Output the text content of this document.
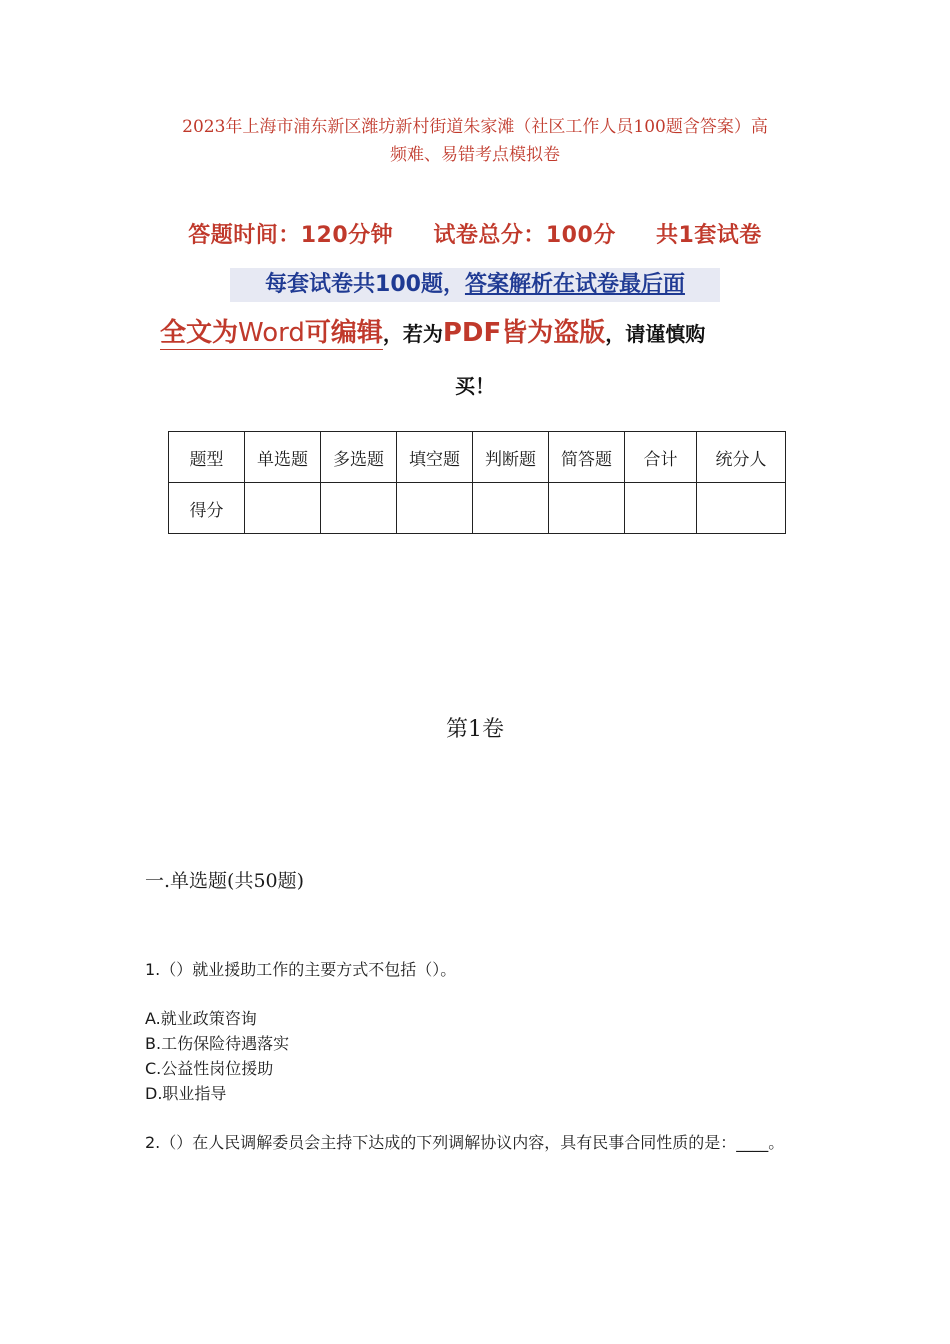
2023年上海市浦东新区潍坊新村街道朱家滩（社区工作人员100题含答案）高
频难、易错考点模拟卷
答题时间：120分钟 试卷总分：100分 共1套试卷
每套试卷共100题，答案解析在试卷最后面
全文为Word可编辑，若为PDF皆为盗版，请谨慎购
买！
题型	单选题	多选题	填空题	判断题	简答题	合计	统分人
得分							
第1卷
一.单选题(共50题)
1.（）就业援助工作的主要方式不包括（）。
A.就业政策咨询
B.工伤保险待遇落实
C.公益性岗位援助
D.职业指导
2.（）在人民调解委员会主持下达成的下列调解协议内容，具有民事合同性质的是：____。
